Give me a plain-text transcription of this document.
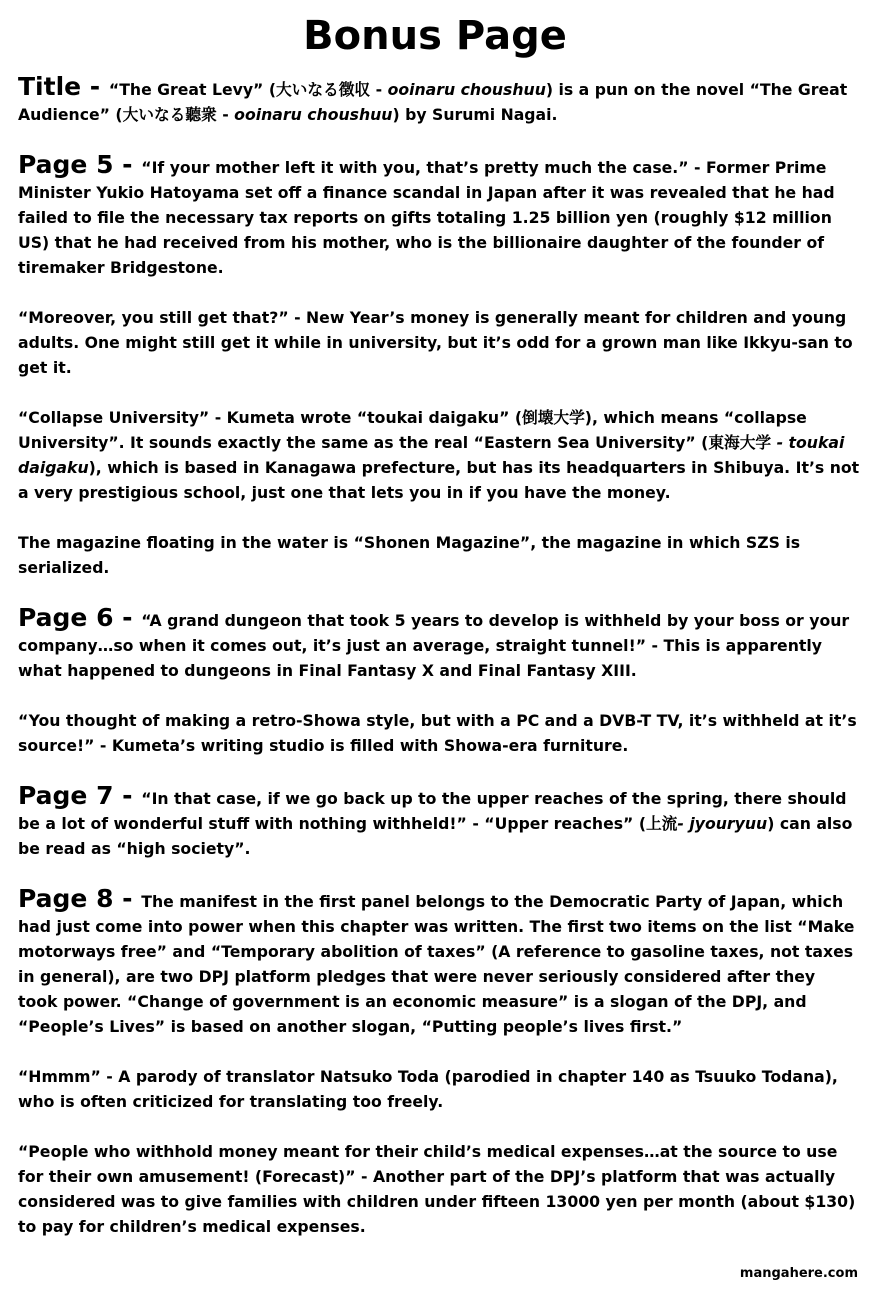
Bonus Page
Title - “The Great Levy” (大いなる徴収 - ooinaru choushuu) is a pun on the novel “The Great Audience” (大いなる聽衆 - ooinaru choushuu) by Surumi Nagai.
Page 5 - “If your mother left it with you, that’s pretty much the case.” - Former Prime Minister Yukio Hatoyama set off a finance scandal in Japan after it was revealed that he had failed to file the necessary tax reports on gifts totaling 1.25 billion yen (roughly $12 million US) that he had received from his mother, who is the billionaire daughter of the founder of tiremaker Bridgestone.
“Moreover, you still get that?” - New Year’s money is generally meant for children and young adults. One might still get it while in university, but it’s odd for a grown man like Ikkyu-san to get it.
“Collapse University” - Kumeta wrote “toukai daigaku” (倒壊大学), which means “collapse University”. It sounds exactly the same as the real “Eastern Sea University” (東海大学 - toukai daigaku), which is based in Kanagawa prefecture, but has its headquarters in Shibuya. It’s not a very prestigious school, just one that lets you in if you have the money.
The magazine floating in the water is “Shonen Magazine”, the magazine in which SZS is serialized.
Page 6 - “A grand dungeon that took 5 years to develop is withheld by your boss or your company…so when it comes out, it’s just an average, straight tunnel!” - This is apparently what happened to dungeons in Final Fantasy X and Final Fantasy XIII.
“You thought of making a retro-Showa style, but with a PC and a DVB-T TV, it’s withheld at it’s source!” - Kumeta’s writing studio is filled with Showa-era furniture.
Page 7 - “In that case, if we go back up to the upper reaches of the spring, there should be a lot of wonderful stuff with nothing withheld!” - “Upper reaches” (上流- jyouryuu) can also be read as “high society”.
Page 8 - The manifest in the first panel belongs to the Democratic Party of Japan, which had just come into power when this chapter was written. The first two items on the list “Make motorways free” and “Temporary abolition of taxes” (A reference to gasoline taxes, not taxes in general), are two DPJ platform pledges that were never seriously considered after they took power. “Change of government is an economic measure” is a slogan of the DPJ, and “People’s Lives” is based on another slogan, “Putting people’s lives first.”
“Hmmm” - A parody of translator Natsuko Toda (parodied in chapter 140 as Tsuuko Todana), who is often criticized for translating too freely.
“People who withhold money meant for their child’s medical expenses…at the source to use for their own amusement! (Forecast)” - Another part of the DPJ’s platform that was actually considered was to give families with children under fifteen 13000 yen per month (about $130) to pay for children’s medical expenses.
mangahere.com
